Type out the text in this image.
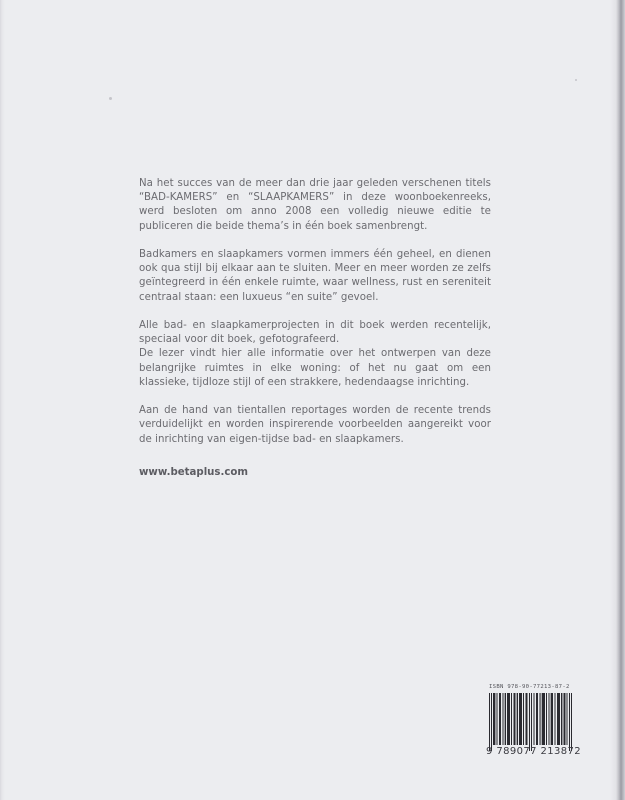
Na het succes van de meer dan drie jaar geleden verschenen titels “BAD-KAMERS” en “SLAAPKAMERS” in deze woonboekenreeks, werd besloten om anno 2008 een volledig nieuwe editie te publiceren die beide thema’s in één boek samenbrengt.

Badkamers en slaapkamers vormen immers één geheel, en dienen ook qua stijl bij elkaar aan te sluiten. Meer en meer worden ze zelfs geïntegreerd in één enkele ruimte, waar wellness, rust en sereniteit centraal staan: een luxueus “en suite” gevoel.

Alle bad- en slaapkamerprojecten in dit boek werden recentelijk, speciaal voor dit boek, gefotografeerd.

De lezer vindt hier alle informatie over het ontwerpen van deze belangrijke ruimtes in elke woning: of het nu gaat om een klassieke, tijdloze stijl of een strakkere, hedendaagse inrichting.

Aan de hand van tientallen reportages worden de recente trends verduidelijkt en worden inspirerende voorbeelden aangereikt voor de inrichting van eigen-tijdse bad- en slaapkamers.

www.betaplus.com
ISBN 978-90-77213-87-2
9 789077 213872
